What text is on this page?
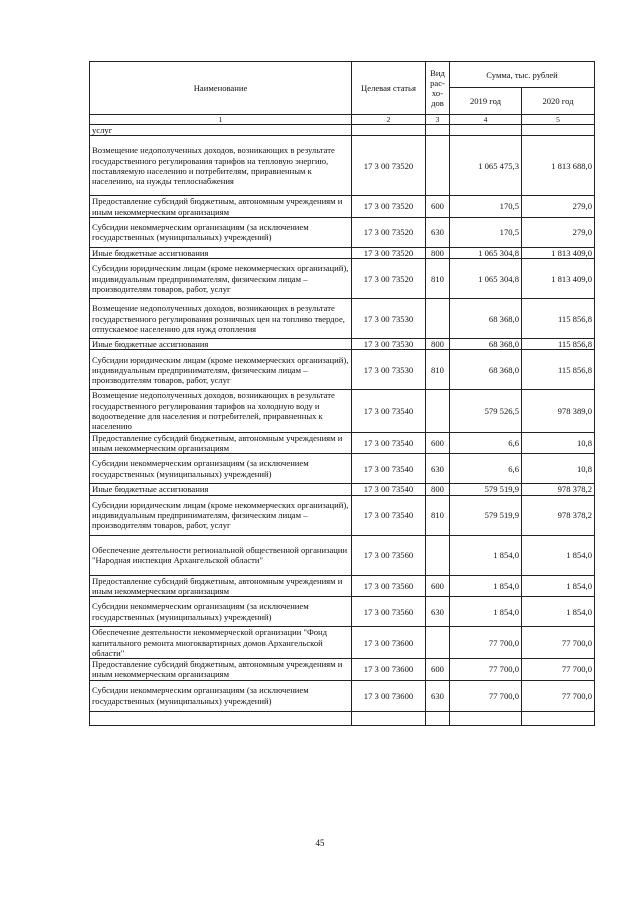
Наименование	Целевая статья	Вид
рас-
хо-
дов	Сумма, тыс. рублей	
			2019 год	2020 год
1	2	3	4	5
услуг				
Возмещение недополученных доходов, возникающих в результате государственного регулирования тарифов на тепловую энергию, поставляемую населению и потребителям, приравненным к населению, на нужды теплоснабжения	17 3 00 73520		1 065 475,3	1 813 688,0
Предоставление субсидий бюджетным, автономным учреждениям и иным некоммерческим организациям	17 3 00 73520	600	170,5	279,0
Субсидии некоммерческим организациям (за исключением государственных (муниципальных) учреждений)	17 3 00 73520	630	170,5	279,0
Иные бюджетные ассигнования	17 3 00 73520	800	1 065 304,8	1 813 409,0
Субсидии юридическим лицам (кроме некоммерческих организаций), индивидуальным предпринимателям, физическим лицам – производителям товаров, работ, услуг	17 3 00 73520	810	1 065 304,8	1 813 409,0
Возмещение недополученных доходов, возникающих в результате государственного регулирования розничных цен на топливо твердое, отпускаемое населению для нужд отопления	17 3 00 73530		68 368,0	115 856,8
Иные бюджетные ассигнования	17 3 00 73530	800	68 368,0	115 856,8
Субсидии юридическим лицам (кроме некоммерческих организаций), индивидуальным предпринимателям, физическим лицам – производителям товаров, работ, услуг	17 3 00 73530	810	68 368,0	115 856,8
Возмещение недополученных доходов, возникающих в результате государственного регулирования тарифов на холодную воду и водоотведение для населения и потребителей, приравненных к населению	17 3 00 73540		579 526,5	978 389,0
Предоставление субсидий бюджетным, автономным учреждениям и иным некоммерческим организациям	17 3 00 73540	600	6,6	10,8
Субсидии некоммерческим организациям (за исключением государственных (муниципальных) учреждений)	17 3 00 73540	630	6,6	10,8
Иные бюджетные ассигнования	17 3 00 73540	800	579 519,9	978 378,2
Субсидии юридическим лицам (кроме некоммерческих организаций), индивидуальным предпринимателям, физическим лицам – производителям товаров, работ, услуг	17 3 00 73540	810	579 519,9	978 378,2
Обеспечение деятельности региональной общественной организации "Народная инспекция Архангельской области"	17 3 00 73560		1 854,0	1 854,0
Предоставление субсидий бюджетным, автономным учреждениям и иным некоммерческим организациям	17 3 00 73560	600	1 854,0	1 854,0
Субсидии некоммерческим организациям (за исключением государственных (муниципальных) учреждений)	17 3 00 73560	630	1 854,0	1 854,0
Обеспечение деятельности некоммерческой организации "Фонд капитального ремонта многоквартирных домов Архангельской области"	17 3 00 73600		77 700,0	77 700,0
Предоставление субсидий бюджетным, автономным учреждениям и иным некоммерческим организациям	17 3 00 73600	600	77 700,0	77 700,0
Субсидии некоммерческим организациям (за исключением государственных (муниципальных) учреждений)	17 3 00 73600	630	77 700,0	77 700,0

45
